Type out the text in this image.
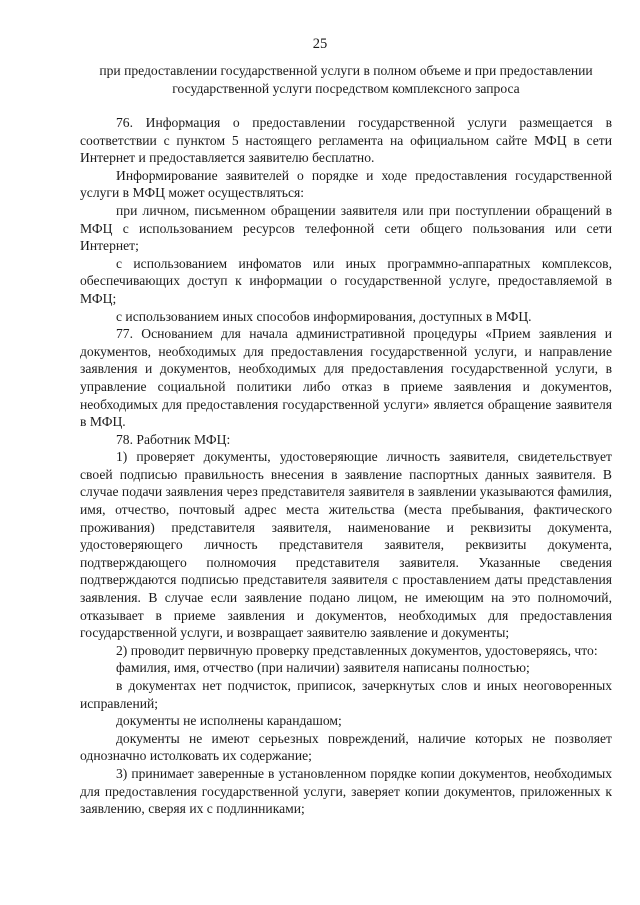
25
при предоставлении государственной услуги в полном объеме и при предоставлении государственной услуги посредством комплексного запроса

76. Информация о предоставлении государственной услуги размещается в соответствии с пунктом 5 настоящего регламента на официальном сайте МФЦ в сети Интернет и предоставляется заявителю бесплатно.

Информирование заявителей о порядке и ходе предоставления государственной услуги в МФЦ может осуществляться:

при личном, письменном обращении заявителя или при поступлении обращений в МФЦ с использованием ресурсов телефонной сети общего пользования или сети Интернет;

с использованием инфоматов или иных программно-аппаратных комплексов, обеспечивающих доступ к информации о государственной услуге, предоставляемой в МФЦ;

с использованием иных способов информирования, доступных в МФЦ.

77. Основанием для начала административной процедуры «Прием заявления и документов, необходимых для предоставления государственной услуги, и направление заявления и документов, необходимых для предоставления государственной услуги, в управление социальной политики либо отказ в приеме заявления и документов, необходимых для предоставления государственной услуги» является обращение заявителя в МФЦ.

78. Работник МФЦ:

1) проверяет документы, удостоверяющие личность заявителя, свидетельствует своей подписью правильность внесения в заявление паспортных данных заявителя. В случае подачи заявления через представителя заявителя в заявлении указываются фамилия, имя, отчество, почтовый адрес места жительства (места пребывания, фактического проживания) представителя заявителя, наименование и реквизиты документа, удостоверяющего личность представителя заявителя, реквизиты документа, подтверждающего полномочия представителя заявителя. Указанные сведения подтверждаются подписью представителя заявителя с проставлением даты представления заявления. В случае если заявление подано лицом, не имеющим на это полномочий, отказывает в приеме заявления и документов, необходимых для предоставления государственной услуги, и возвращает заявителю заявление и документы;

2) проводит первичную проверку представленных документов, удостоверяясь, что:

фамилия, имя, отчество (при наличии) заявителя написаны полностью;

в документах нет подчисток, приписок, зачеркнутых слов и иных неоговоренных исправлений;

документы не исполнены карандашом;

документы не имеют серьезных повреждений, наличие которых не позволяет однозначно истолковать их содержание;

3) принимает заверенные в установленном порядке копии документов, необходимых для предоставления государственной услуги, заверяет копии документов, приложенных к заявлению, сверяя их с подлинниками;
